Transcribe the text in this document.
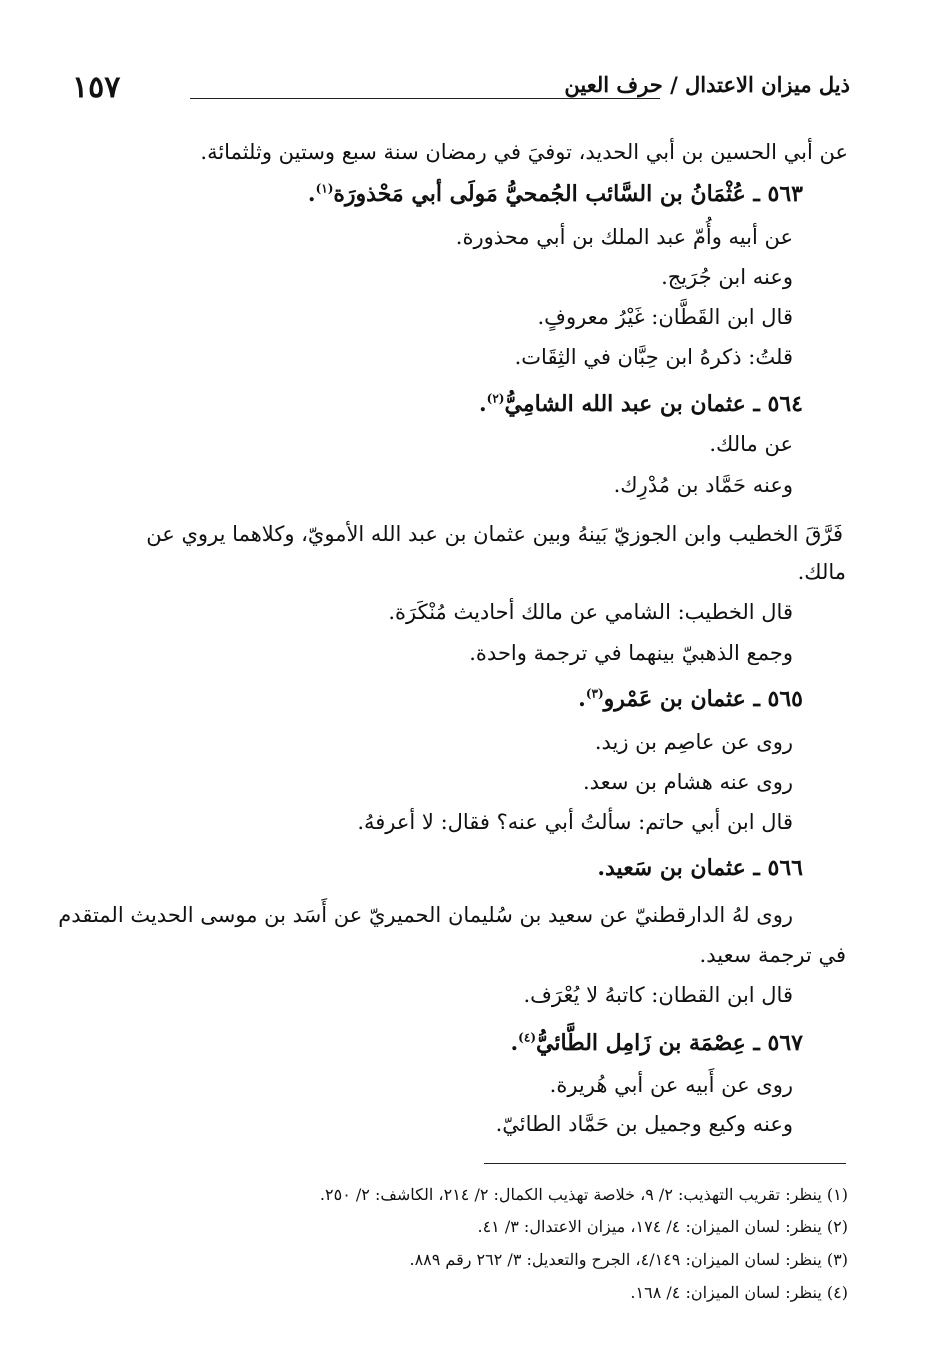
١٥٧	ذيل ميزان الاعتدال / حرف العين
عن أبي الحسين بن أبي الحديد، توفيَ في رمضان سنة سبع وستين وثلثمائة.
٥٦٣ ـ عُثْمَانُ بن السَّائب الجُمحيُّ مَولَى أبي مَحْذورَة$^{(١)}$.
عن أبيه وأُمّ عبد الملك بن أبي محذورة.
وعنه ابن جُرَيج.
قال ابن القَطَّان: غَيْرُ معروفٍ.
قلتُ: ذكرهُ ابن حِبَّان في الثِقَات.
٥٦٤ ـ عثمان بن عبد الله الشامِيُّ$^{(٢)}$.
عن مالك.
وعنه حَمَّاد بن مُدْرِك.
فَرَّقَ الخطيب وابن الجوزيّ بَينهُ وبين عثمان بن عبد الله الأمويّ، وكلاهما يروي عن
مالك.
قال الخطيب: الشامي عن مالك أحاديث مُنْكَرَة.
وجمع الذهبيّ بينهما في ترجمة واحدة.
٥٦٥ ـ عثمان بن عَمْرو$^{(٣)}$.
روى عن عاصِم بن زيد.
روى عنه هشام بن سعد.
قال ابن أبي حاتم: سألتُ أبي عنه؟ فقال: لا أعرفهُ.
٥٦٦ ـ عثمان بن سَعيد.
روى لهُ الدارقطنيّ عن سعيد بن سُليمان الحميريّ عن أَسَد بن موسى الحديث المتقدم
في ترجمة سعيد.
قال ابن القطان: كاتبهُ لا يُعْرَف.
٥٦٧ ـ عِصْمَة بن زَامِل الطَّائيُّ$^{(٤)}$.
روى عن أَبيه عن أبي هُريرة.
وعنه وكيع وجميل بن حَمَّاد الطائيّ.
(١) ينظر: تقريب التهذيب: ٢/ ٩، خلاصة تهذيب الكمال: ٢/ ٢١٤، الكاشف: ٢/ ٢٥٠.
(٢) ينظر: لسان الميزان: ٤/ ١٧٤، ميزان الاعتدال: ٣/ ٤١.
(٣) ينظر: لسان الميزان: ٤/١٤٩، الجرح والتعديل: ٣/ ٢٦٢ رقم ٨٨٩.
(٤) ينظر: لسان الميزان: ٤/ ١٦٨.
